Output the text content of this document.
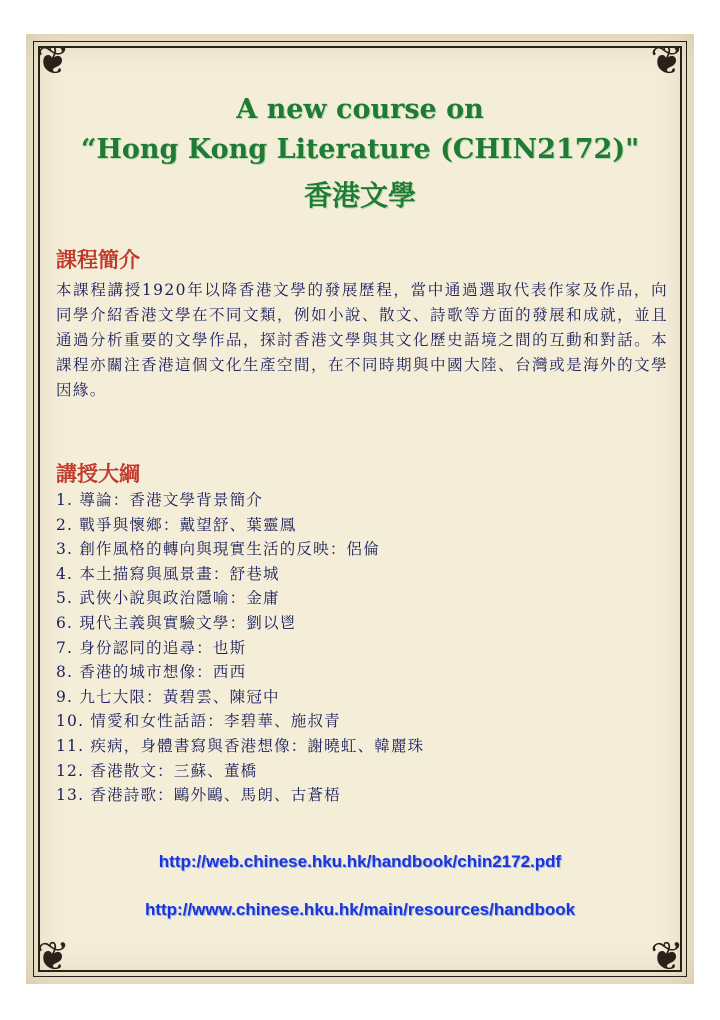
❦	❦
❦	❦
A new course on
“Hong Kong Literature (CHIN2172)"
香港文學
課程簡介
本課程講授1920年以降香港文學的發展歷程，當中通過選取代表作家及作品，向同學介紹香港文學在不同文類，例如小說、散文、詩歌等方面的發展和成就，並且通過分析重要的文學作品，探討香港文學與其文化歷史語境之間的互動和對話。本課程亦關注香港這個文化生產空間，在不同時期與中國大陸、台灣或是海外的文學因緣。
講授大綱
1. 導論：香港文學背景簡介
2. 戰爭與懷鄉：戴望舒、葉靈鳳
3. 創作風格的轉向與現實生活的反映：侶倫
4. 本土描寫與風景畫：舒巷城
5. 武俠小說與政治隱喻：金庸
6. 現代主義與實驗文學：劉以鬯
7. 身份認同的追尋：也斯
8. 香港的城市想像：西西
9. 九七大限：黃碧雲、陳冠中
10. 情愛和女性話語：李碧華、施叔青
11. 疾病，身體書寫與香港想像：謝曉虹、韓麗珠
12. 香港散文：三蘇、董橋
13. 香港詩歌：鷗外鷗、馬朗、古蒼梧
http://web.chinese.hku.hk/handbook/chin2172.pdf
http://www.chinese.hku.hk/main/resources/handbook
